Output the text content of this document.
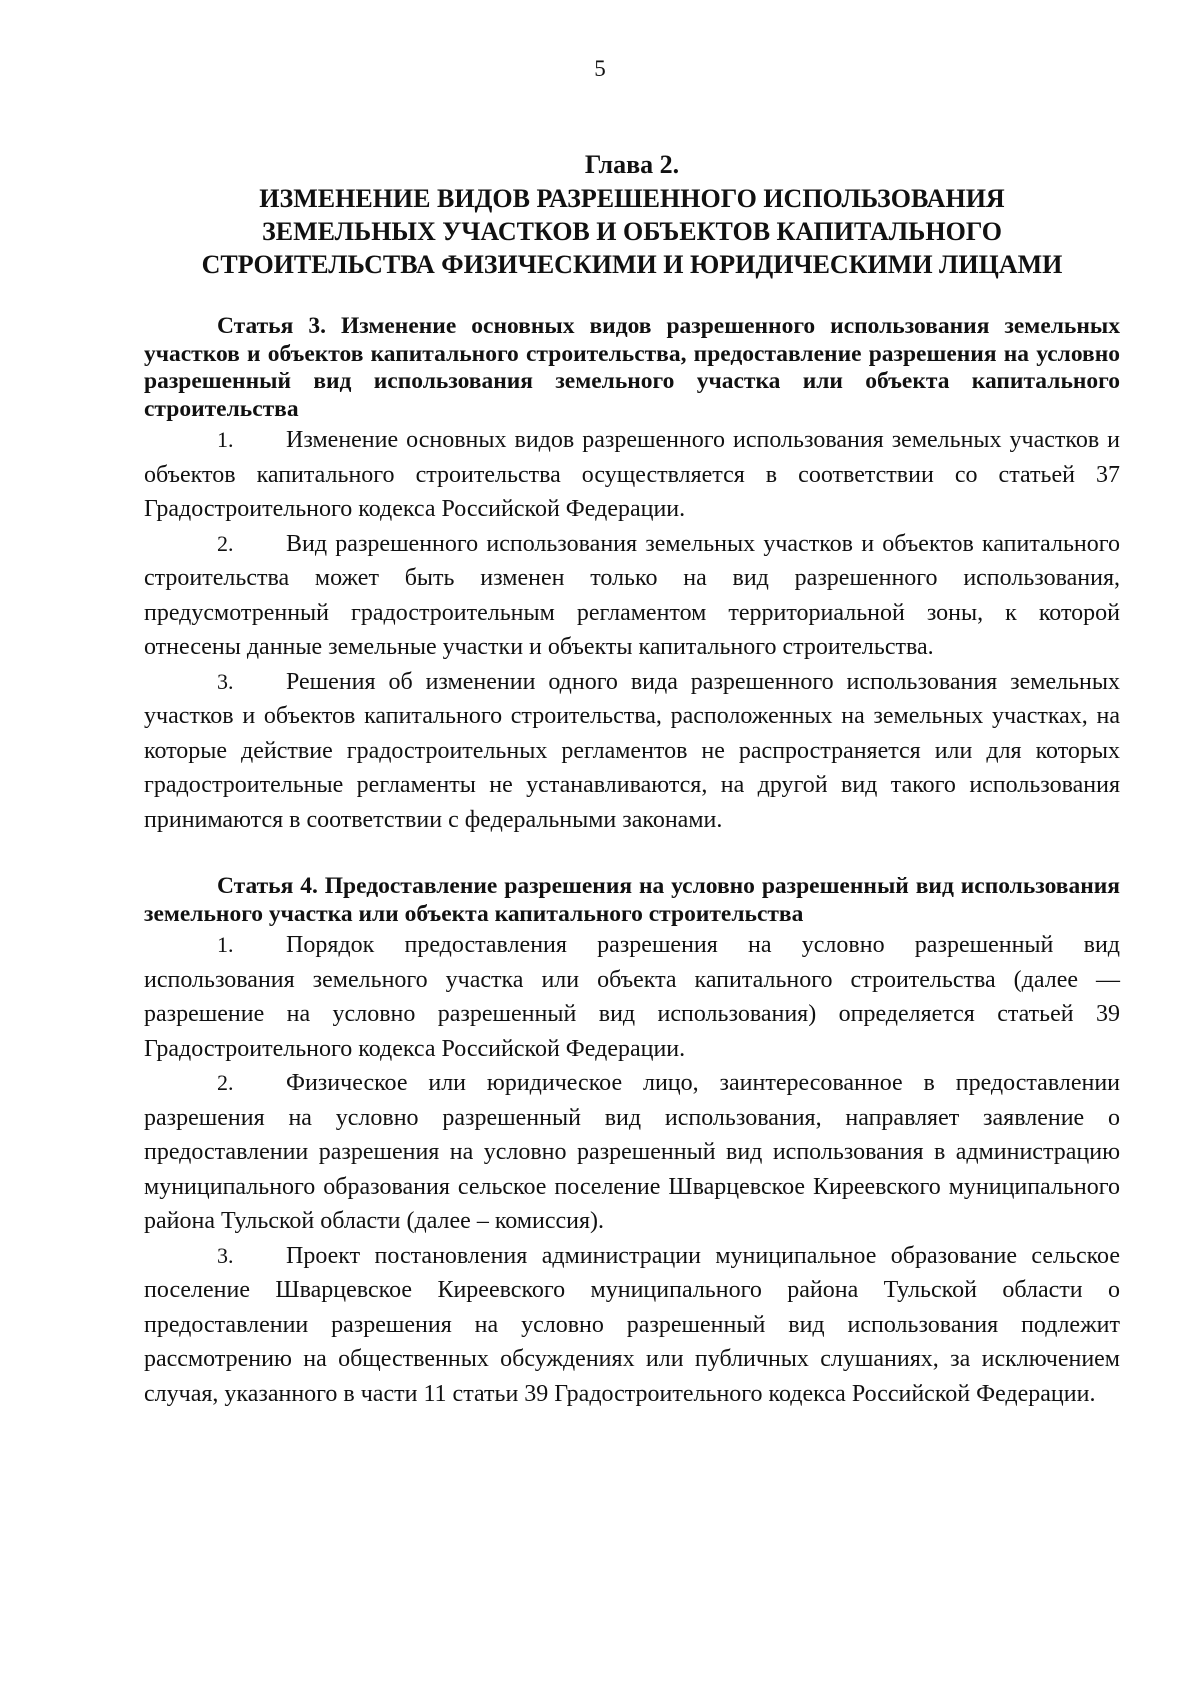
5

Глава 2.

ИЗМЕНЕНИЕ ВИДОВ РАЗРЕШЕННОГО ИСПОЛЬЗОВАНИЯ

ЗЕМЕЛЬНЫХ УЧАСТКОВ И ОБЪЕКТОВ КАПИТАЛЬНОГО

СТРОИТЕЛЬСТВА ФИЗИЧЕСКИМИ И ЮРИДИЧЕСКИМИ ЛИЦАМИ

Статья 3. Изменение основных видов разрешенного использования земельных участков и объектов капитального строительства, предоставление разрешения на условно разрешенный вид использования земельного участка или объекта капитального строительства

1. Изменение основных видов разрешенного использования земельных участков и объектов капитального строительства осуществляется в соответствии со статьей 37 Градостроительного кодекса Российской Федерации.

2. Вид разрешенного использования земельных участков и объектов капитального строительства может быть изменен только на вид разрешенного использования, предусмотренный градостроительным регламентом территориальной зоны, к которой отнесены данные земельные участки и объекты капитального строительства.

3. Решения об изменении одного вида разрешенного использования земельных участков и объектов капитального строительства, расположенных на земельных участках, на которые действие градостроительных регламентов не распространяется или для которых градостроительные регламенты не устанавливаются, на другой вид такого использования принимаются в соответствии с федеральными законами.

Статья 4. Предоставление разрешения на условно разрешенный вид использования земельного участка или объекта капитального строительства

1. Порядок предоставления разрешения на условно разрешенный вид использования земельного участка или объекта капитального строительства (далее — разрешение на условно разрешенный вид использования) определяется статьей 39 Градостроительного кодекса Российской Федерации.

2. Физическое или юридическое лицо, заинтересованное в предоставлении разрешения на условно разрешенный вид использования, направляет заявление о предоставлении разрешения на условно разрешенный вид использования в администрацию муниципального образования сельское поселение Шварцевское Киреевского муниципального района Тульской области (далее – комиссия).

3. Проект постановления администрации муниципальное образование сельское поселение Шварцевское Киреевского муниципального района Тульской области о предоставлении разрешения на условно разрешенный вид использования подлежит рассмотрению на общественных обсуждениях или публичных слушаниях, за исключением случая, указанного в части 11 статьи 39 Градостроительного кодекса Российской Федерации.
